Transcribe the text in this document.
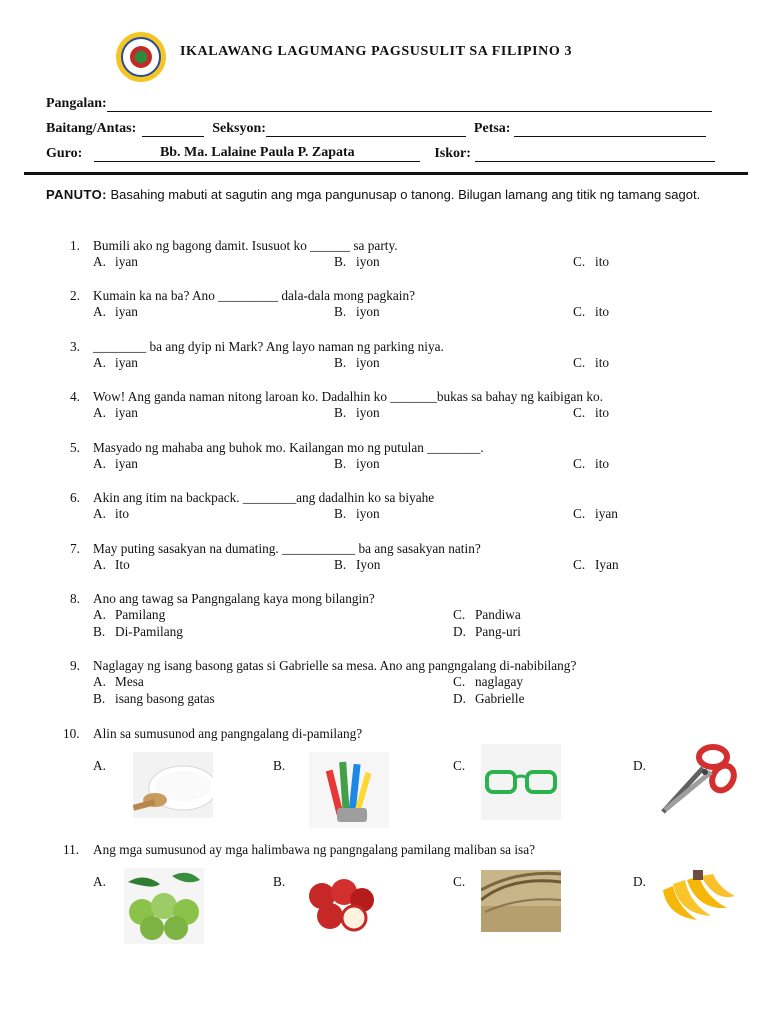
IKALAWANG LAGUMANG PAGSUSULIT SA FILIPINO 3
Pangalan:
Baitang/Antas:	Seksyon:	Petsa:
Guro:	Bb. Ma. Lalaine Paula P. Zapata	Iskor:
PANUTO: Basahing mabuti at sagutin ang mga pangunusap o tanong. Bilugan lamang ang titik ng tamang sagot.
1. Bumili ako ng bagong damit. Isusuot ko ______ sa party.
A. iyan	B. iyon	C. ito
2. Kumain ka na ba? Ano _________ dala-dala mong pagkain?
A. iyan	B. iyon	C. ito
3. ________ ba ang dyip ni Mark? Ang layo naman ng parking niya.
A. iyan	B. iyon	C. ito
4. Wow! Ang ganda naman nitong laroan ko. Dadalhin ko _______bukas sa bahay ng kaibigan ko.
A. iyan	B. iyon	C. ito
5. Masyado ng mahaba ang buhok mo. Kailangan mo ng putulan ________.
A. iyan	B. iyon	C. ito
6. Akin ang itim na backpack. ________ang dadalhin ko sa biyahe
A. ito	B. iyon	C. iyan
7. May puting sasakyan na dumating. ___________ ba ang sasakyan natin?
A. Ito	B. Iyon	C. Iyan
8. Ano ang tawag sa Pangngalang kaya mong bilangin?
A. Pamilang
B. Di-Pamilang
C. Pandiwa
D. Pang-uri
9. Naglagay ng isang basong gatas si Gabrielle sa mesa. Ano ang pangngalang di-nabibilang?
A. Mesa
B. isang basong gatas
C. naglagay
D. Gabrielle
10. Alin sa sumusunod ang pangngalang di-pamilang?
A.	B.	C.	D.
11. Ang mga sumusunod ay mga halimbawa ng pangngalang pamilang maliban sa isa?
A.	B.	C.	D.
